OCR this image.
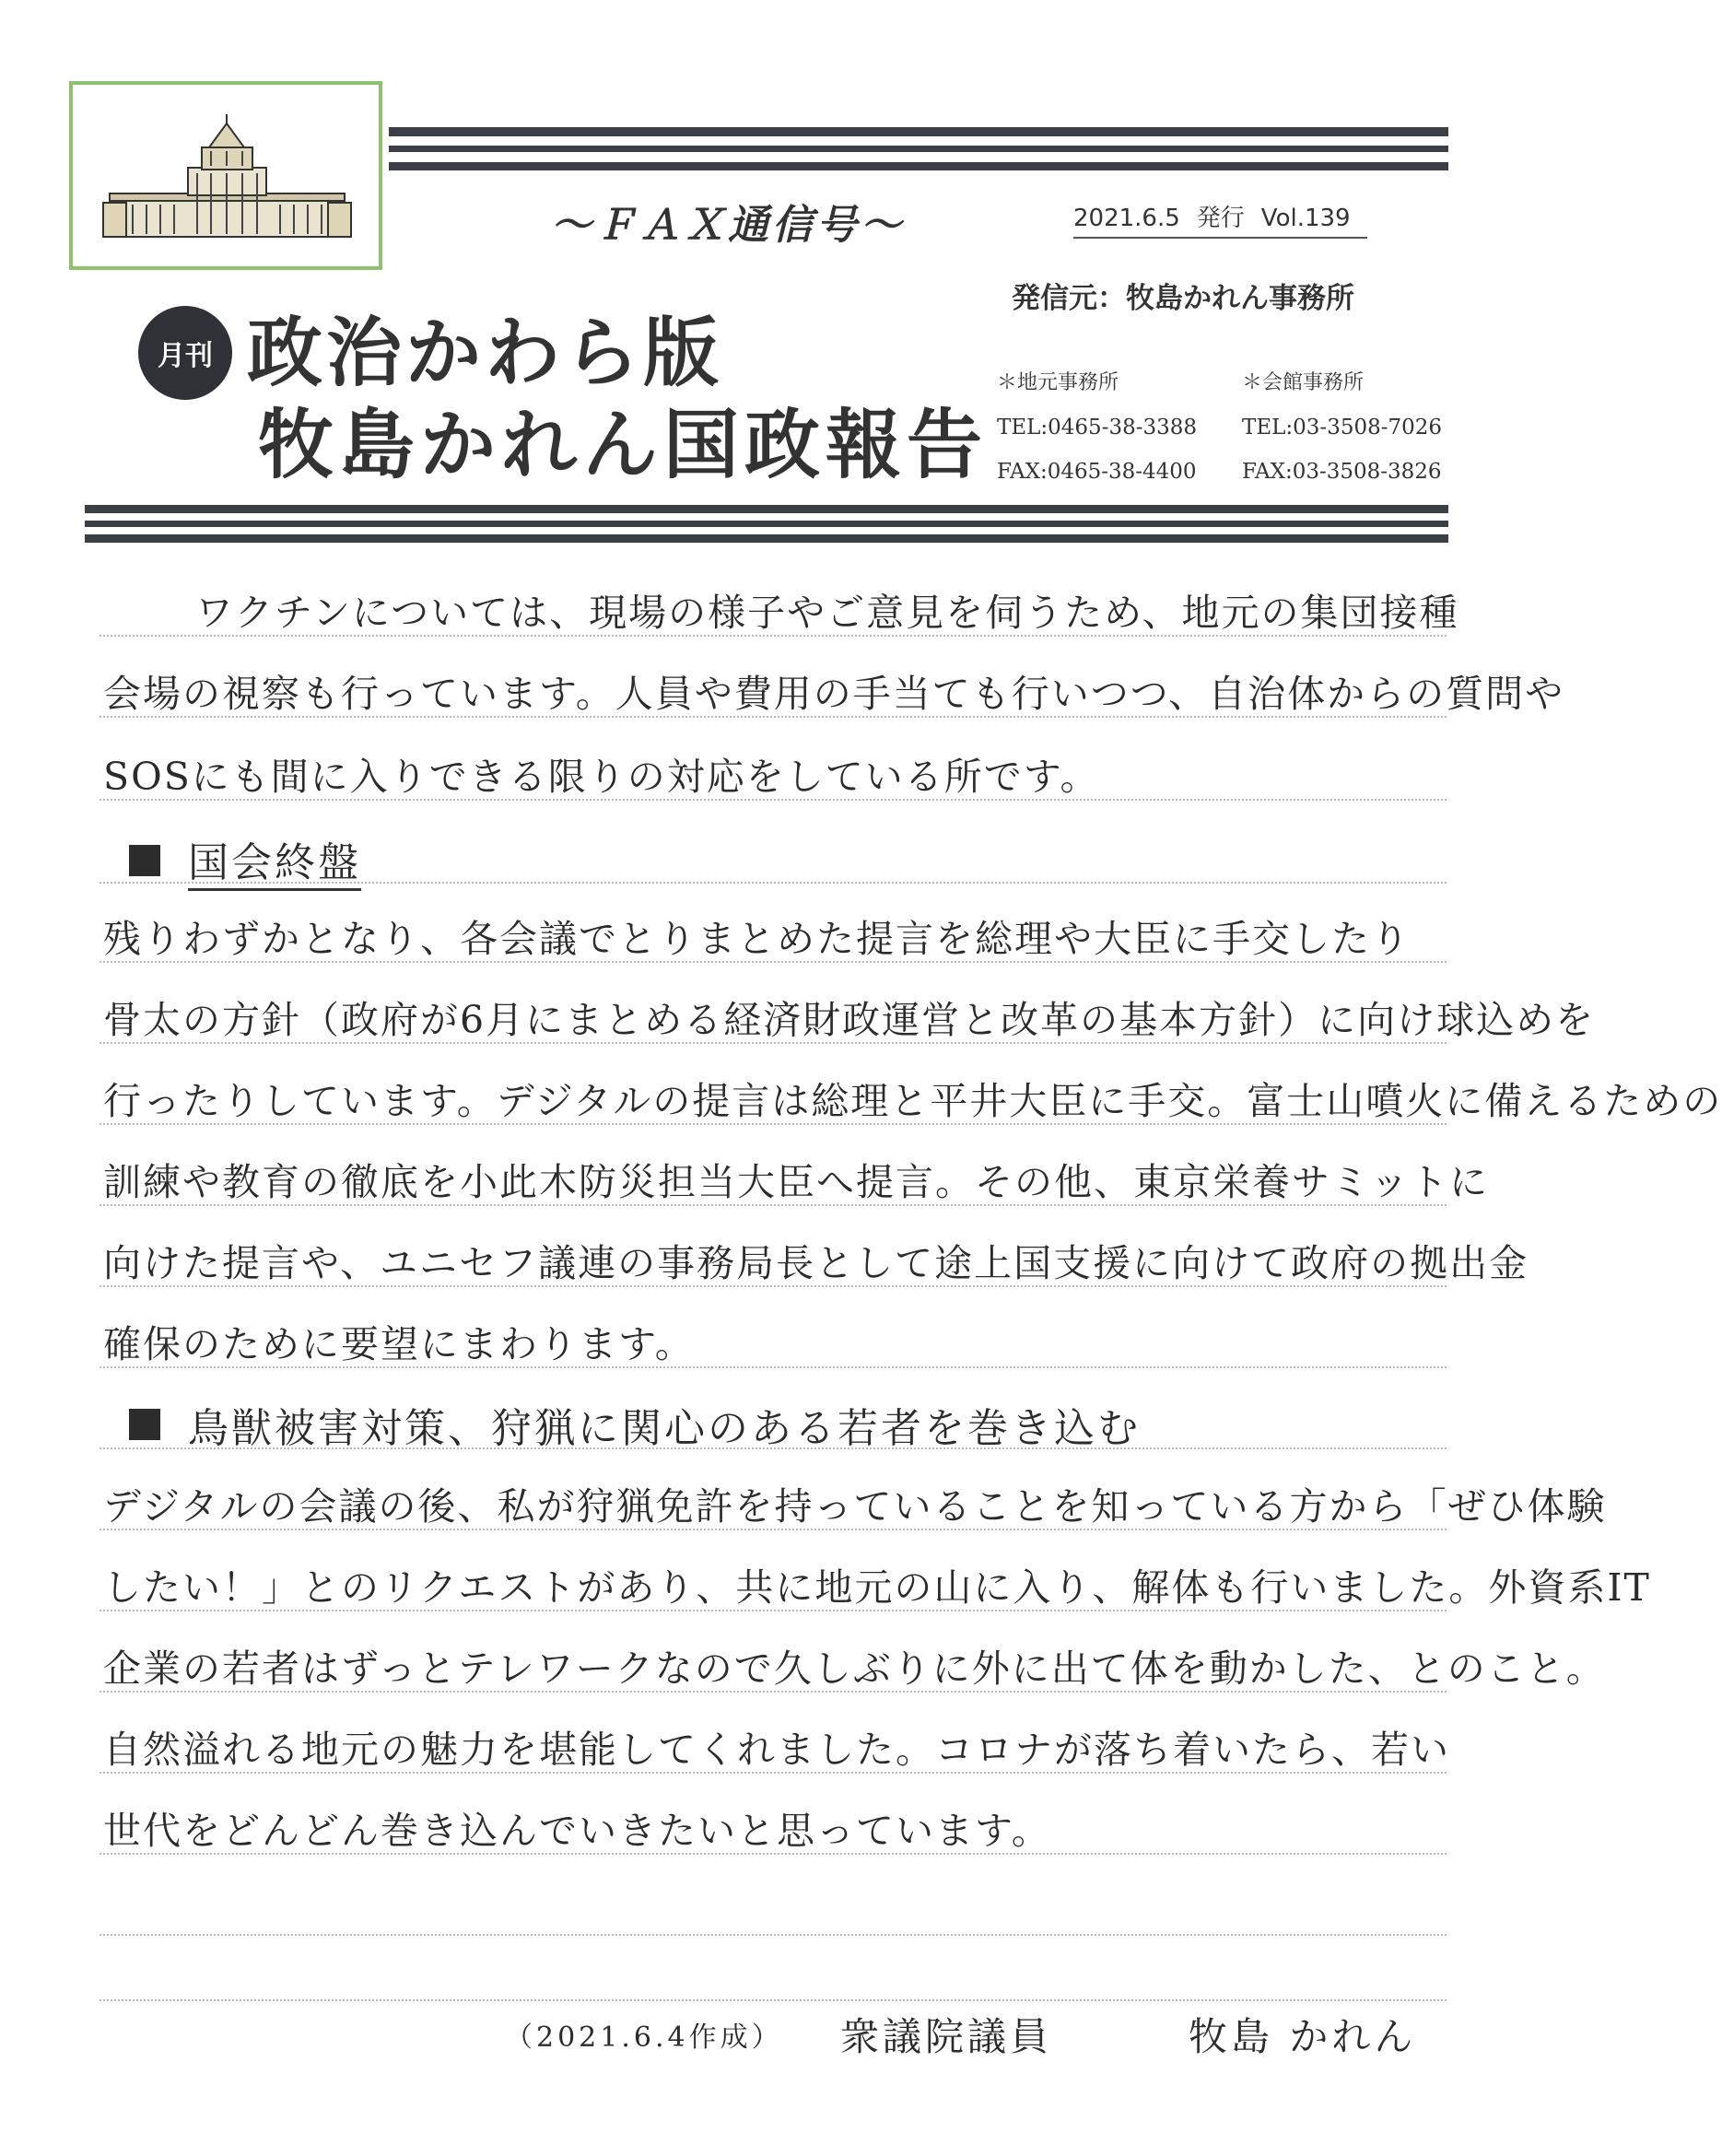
～ＦＡＸ通信号～	2021.6.5 発行 Vol.139
発信元：牧島かれん事務所
月刊 政治かわら版
牧島かれん国政報告
＊地元事務所
TEL:0465-38-3388
FAX:0465-38-4400
＊会館事務所
TEL:03-3508-7026
FAX:03-3508-3826
ワクチンについては、現場の様子やご意見を伺うため、地元の集団接種
会場の視察も行っています。人員や費用の手当ても行いつつ、自治体からの質問や
SOSにも間に入りできる限りの対応をしている所です。
国会終盤
残りわずかとなり、各会議でとりまとめた提言を総理や大臣に手交したり
骨太の方針（政府が6月にまとめる経済財政運営と改革の基本方針）に向け球込めを
行ったりしています。デジタルの提言は総理と平井大臣に手交。富士山噴火に備えるための
訓練や教育の徹底を小此木防災担当大臣へ提言。その他、東京栄養サミットに
向けた提言や、ユニセフ議連の事務局長として途上国支援に向けて政府の拠出金
確保のために要望にまわります。
鳥獣被害対策、狩猟に関心のある若者を巻き込む
デジタルの会議の後、私が狩猟免許を持っていることを知っている方から「ぜひ体験
したい！」とのリクエストがあり、共に地元の山に入り、解体も行いました。外資系IT
企業の若者はずっとテレワークなので久しぶりに外に出て体を動かした、とのこと。
自然溢れる地元の魅力を堪能してくれました。コロナが落ち着いたら、若い
世代をどんどん巻き込んでいきたいと思っています。
（2021.6.4作成） 衆議院議員	牧島 かれん
